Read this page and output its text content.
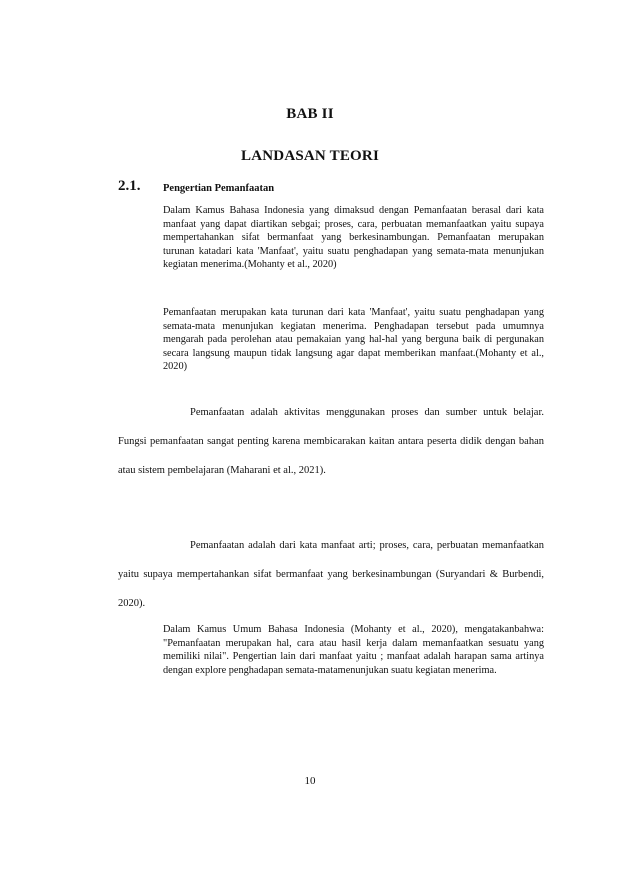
BAB II
LANDASAN TEORI
2.1. Pengertian Pemanfaatan
Dalam Kamus Bahasa Indonesia yang dimaksud dengan Pemanfaatan berasal dari kata manfaat yang dapat diartikan sebgai; proses, cara, perbuatan memanfaatkan yaitu supaya mempertahankan sifat bermanfaat yang berkesinambungan. Pemanfaatan merupakan turunan katadari kata 'Manfaat', yaitu suatu penghadapan yang semata-mata menunjukan kegiatan menerima.(Mohanty et al., 2020)
Pemanfaatan merupakan kata turunan dari kata 'Manfaat', yaitu suatu penghadapan yang semata-mata menunjukan kegiatan menerima. Penghadapan tersebut pada umumnya mengarah pada perolehan atau pemakaian yang hal-hal yang berguna baik di pergunakan secara langsung maupun tidak langsung agar dapat memberikan manfaat.(Mohanty et al., 2020)
Pemanfaatan adalah aktivitas menggunakan proses dan sumber untuk belajar. Fungsi pemanfaatan sangat penting karena membicarakan kaitan antara peserta didik dengan bahan atau sistem pembelajaran (Maharani et al., 2021).
Pemanfaatan adalah dari kata manfaat arti; proses, cara, perbuatan memanfaatkan yaitu supaya mempertahankan sifat bermanfaat yang berkesinambungan (Suryandari & Burbendi, 2020).
Dalam Kamus Umum Bahasa Indonesia (Mohanty et al., 2020), mengatakanbahwa: "Pemanfaatan merupakan hal, cara atau hasil kerja dalam memanfaatkan sesuatu yang memiliki nilai". Pengertian lain dari manfaat yaitu ; manfaat adalah harapan sama artinya dengan explore penghadapan semata-matamenunjukan suatu kegiatan menerima.
10
